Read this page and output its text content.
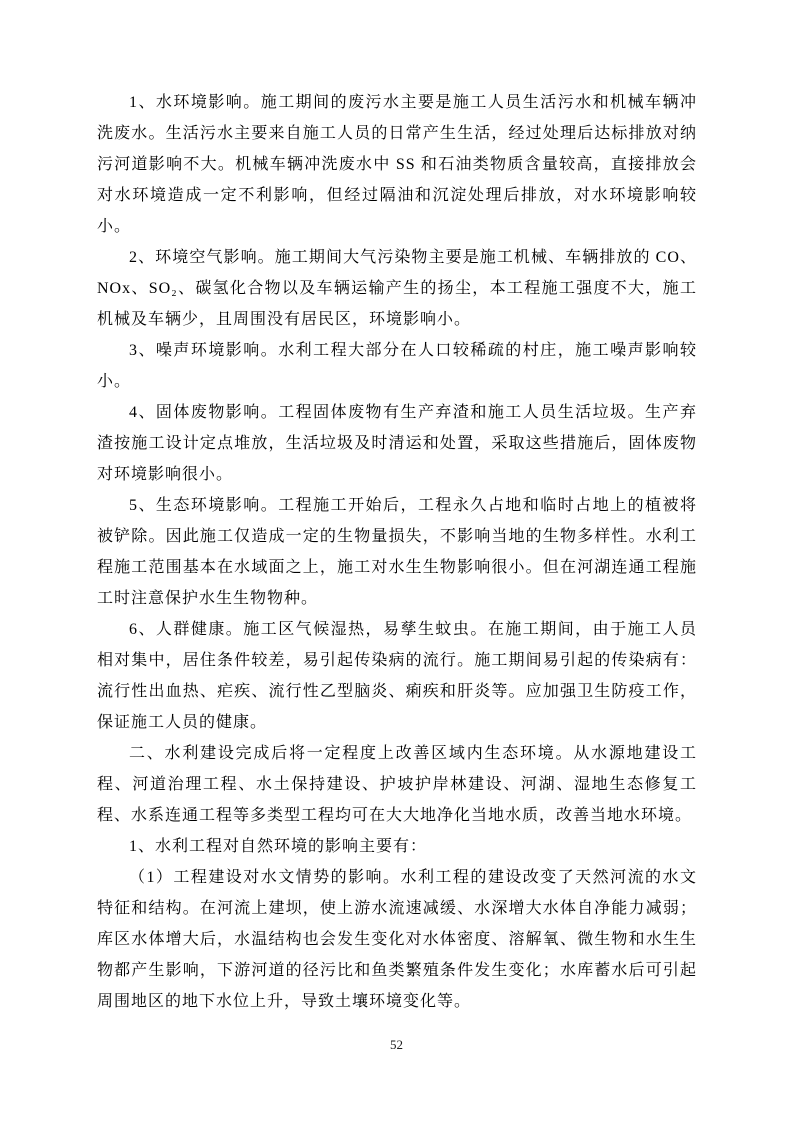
1、水环境影响。施工期间的废污水主要是施工人员生活污水和机械车辆冲洗废水。生活污水主要来自施工人员的日常产生生活，经过处理后达标排放对纳污河道影响不大。机械车辆冲洗废水中 SS 和石油类物质含量较高，直接排放会对水环境造成一定不利影响，但经过隔油和沉淀处理后排放，对水环境影响较小。

2、环境空气影响。施工期间大气污染物主要是施工机械、车辆排放的 CO、NOx、SO₂、碳氢化合物以及车辆运输产生的扬尘，本工程施工强度不大，施工机械及车辆少，且周围没有居民区，环境影响小。

3、噪声环境影响。水利工程大部分在人口较稀疏的村庄，施工噪声影响较小。

4、固体废物影响。工程固体废物有生产弃渣和施工人员生活垃圾。生产弃渣按施工设计定点堆放，生活垃圾及时清运和处置，采取这些措施后，固体废物对环境影响很小。

5、生态环境影响。工程施工开始后，工程永久占地和临时占地上的植被将被铲除。因此施工仅造成一定的生物量损失，不影响当地的生物多样性。水利工程施工范围基本在水域面之上，施工对水生生物影响很小。但在河湖连通工程施工时注意保护水生生物物种。

6、人群健康。施工区气候湿热，易孳生蚊虫。在施工期间，由于施工人员相对集中，居住条件较差，易引起传染病的流行。施工期间易引起的传染病有：流行性出血热、疟疾、流行性乙型脑炎、痢疾和肝炎等。应加强卫生防疫工作，保证施工人员的健康。

二、水利建设完成后将一定程度上改善区域内生态环境。从水源地建设工程、河道治理工程、水土保持建设、护坡护岸林建设、河湖、湿地生态修复工程、水系连通工程等多类型工程均可在大大地净化当地水质，改善当地水环境。

1、水利工程对自然环境的影响主要有：

（1）工程建设对水文情势的影响。水利工程的建设改变了天然河流的水文特征和结构。在河流上建坝，使上游水流速减缓、水深增大水体自净能力减弱；库区水体增大后，水温结构也会发生变化对水体密度、溶解氧、微生物和水生生物都产生影响，下游河道的径污比和鱼类繁殖条件发生变化；水库蓄水后可引起周围地区的地下水位上升，导致土壤环境变化等。

52
